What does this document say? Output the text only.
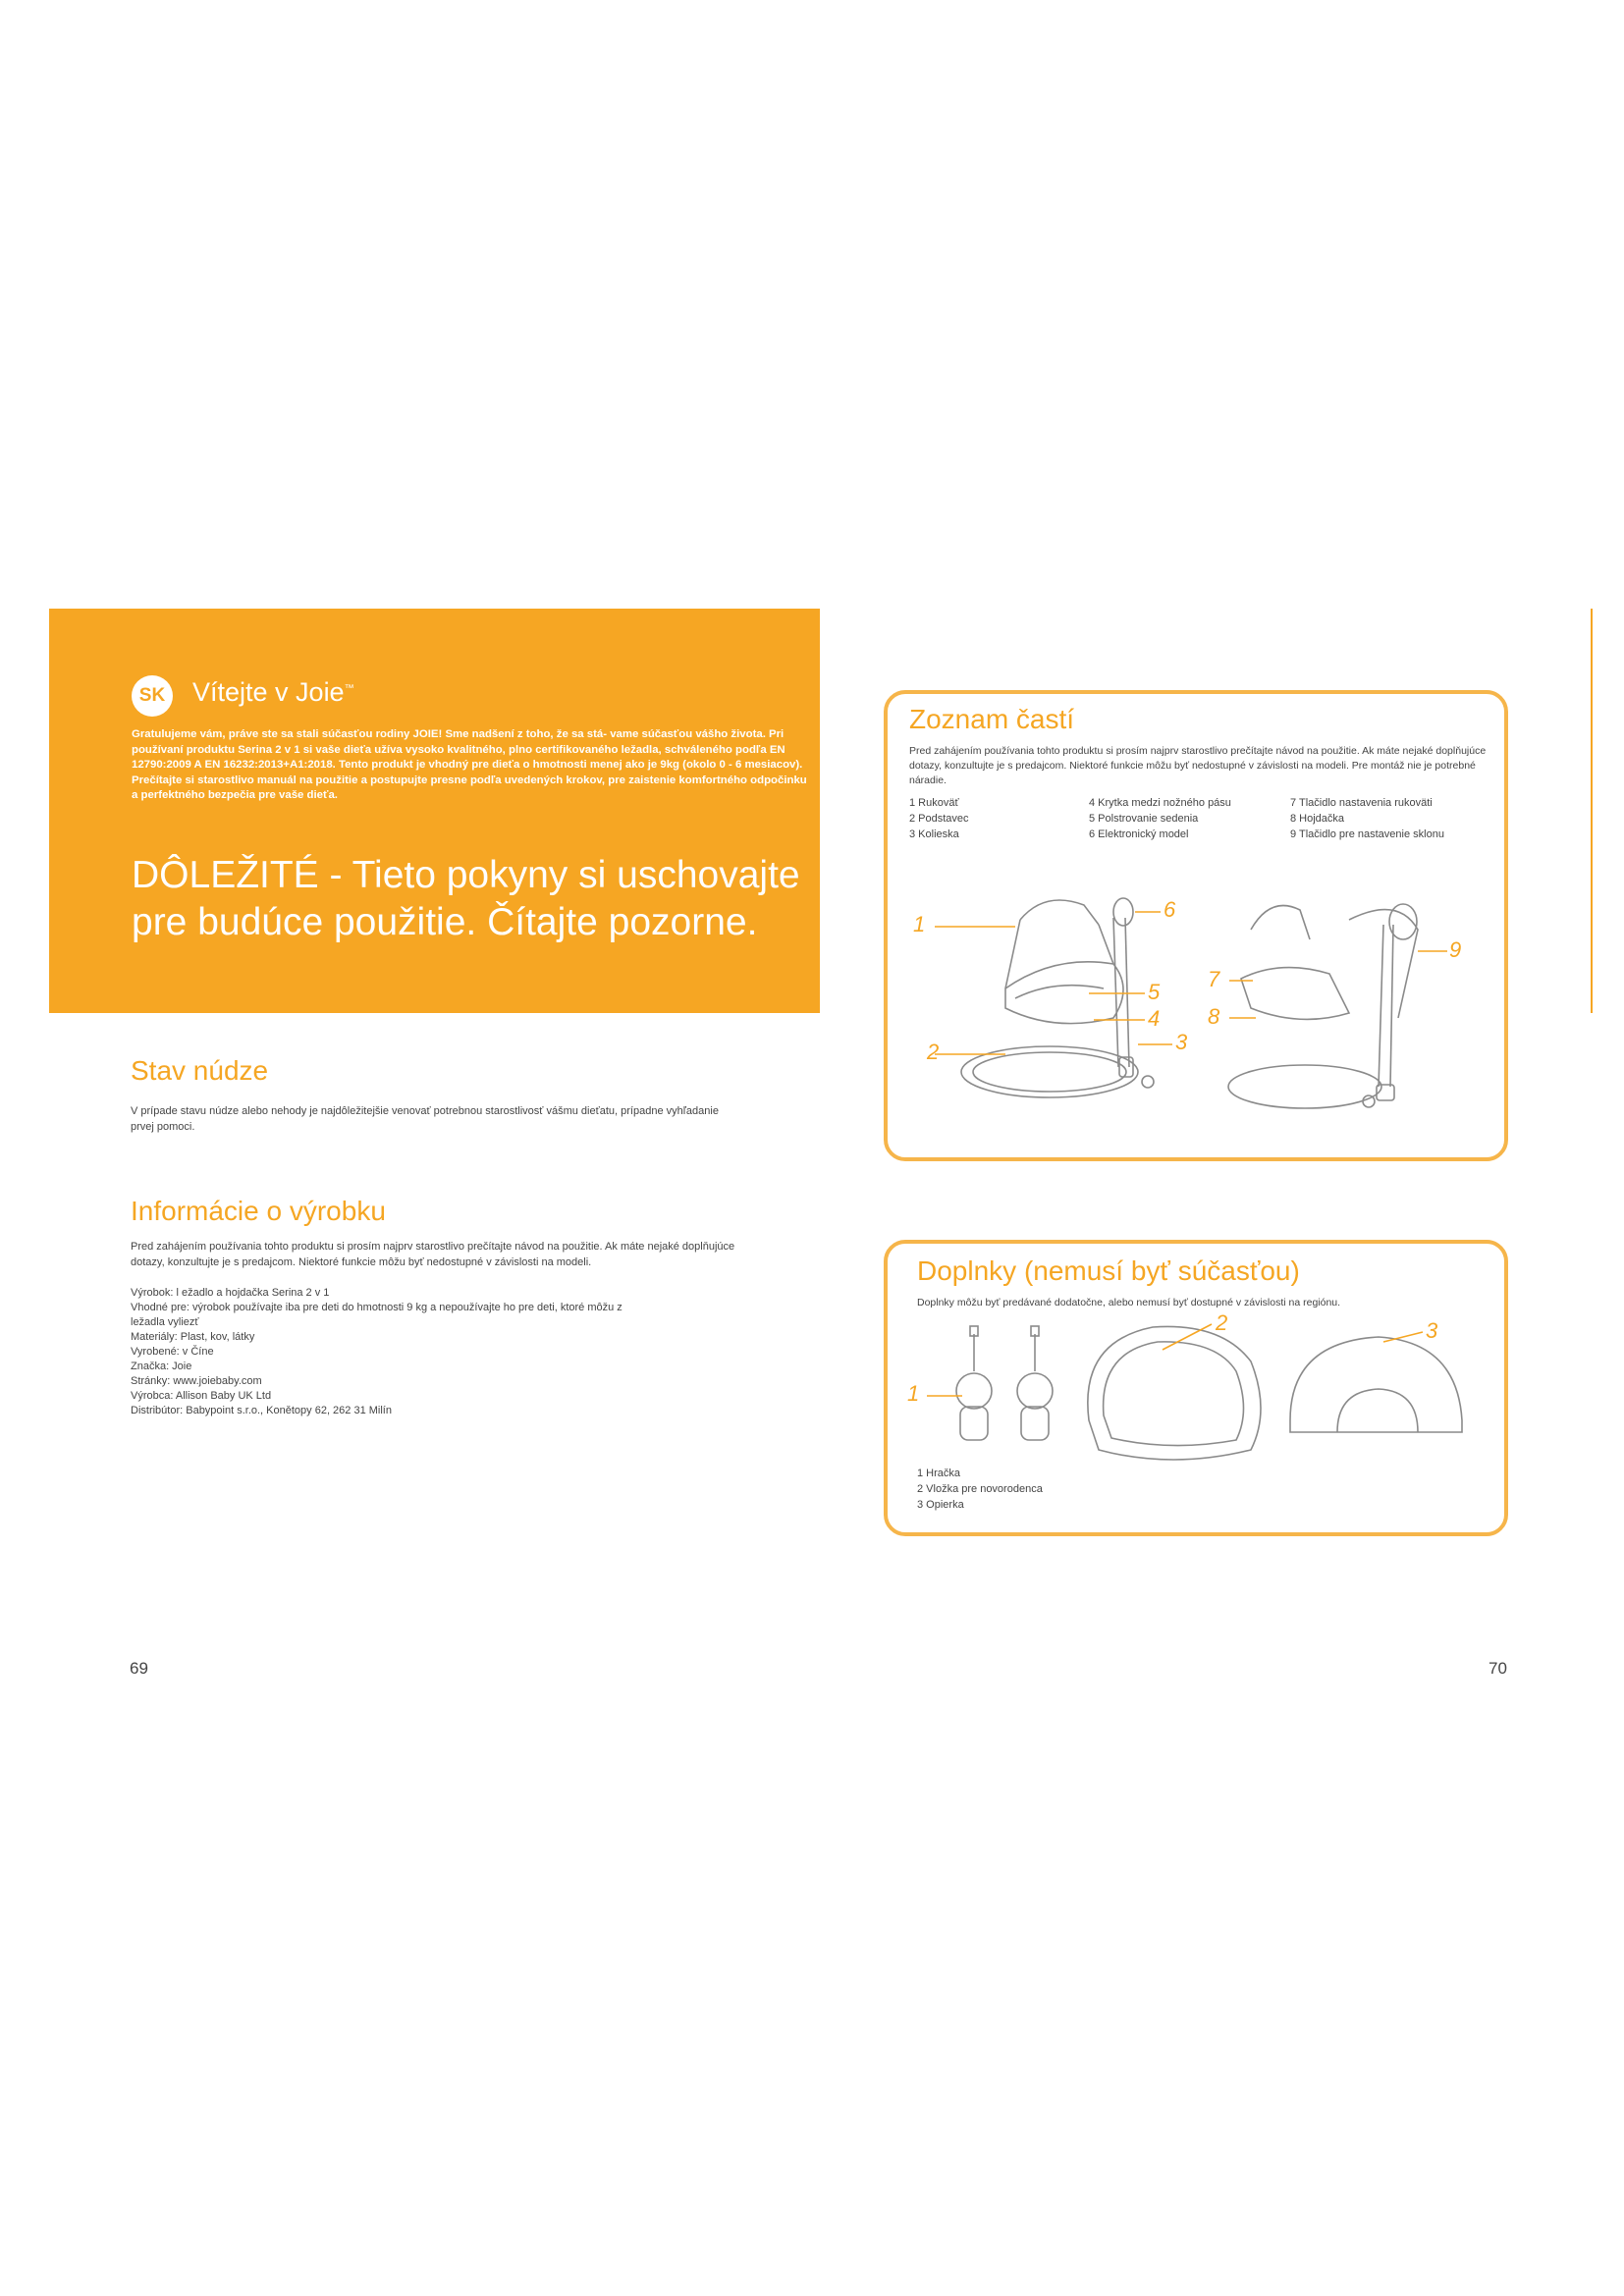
SK Vítejte v Joie™
Gratulujeme vám, práve ste sa stali súčasťou rodiny JOIE! Sme nadšení z toho, že sa stá- vame súčasťou vášho života. Pri používaní produktu Serina 2 v 1 si vaše dieťa užíva vysoko kvalitného, plno certifikovaného ležadla, schváleného podľa EN 12790:2009 A EN 16232:2013+A1:2018. Tento produkt je vhodný pre dieťa o hmotnosti menej ako je 9kg (okolo 0 - 6 mesiacov). Prečítajte si starostlivo manuál na použitie a postupujte presne podľa uvedených krokov, pre zaistenie komfortného odpočinku a perfektného bezpečia pre vaše dieťa.
DÔLEŽITÉ - Tieto pokyny si uschovajte pre budúce použitie. Čítajte pozorne.
Stav núdze
V prípade stavu núdze alebo nehody je najdôležitejšie venovať potrebnou starostlivosť vášmu dieťatu, prípadne vyhľadanie prvej pomoci.
Informácie o výrobku
Pred zahájením používania tohto produktu si prosím najprv starostlivo prečítajte návod na použitie. Ak máte nejaké doplňujúce dotazy, konzultujte je s predajcom. Niektoré funkcie môžu byť nedostupné v závislosti na modeli.
Výrobok: l ežadlo a hojdačka Serina 2 v 1
Vhodné pre: výrobok používajte iba pre deti do hmotnosti 9 kg a nepoužívajte ho pre deti, ktoré môžu z
ležadla vyliezť
Materiály: Plast, kov, látky
Vyrobené: v Číne
Značka: Joie
Stránky: www.joiebaby.com
Výrobca: Allison Baby UK Ltd
Distribútor: Babypoint s.r.o., Konětopy 62, 262 31 Milín
69
Zoznam častí
Pred zahájením používania tohto produktu si prosím najprv starostlivo prečítajte návod na použitie. Ak máte nejaké doplňujúce dotazy, konzultujte je s predajcom. Niektoré funkcie môžu byť nedostupné v závislosti na modeli. Pre montáž nie je potrebné náradie.
1 Rukoväť
2 Podstavec
3 Kolieska
4 Krytka medzi nožného pásu
5 Polstrovanie sedenia
6 Elektronický model
7 Tlačidlo nastavenia rukoväti
8 Hojdačka
9 Tlačidlo pre nastavenie sklonu
1
2	3
4
5
6
7
8
9
Doplnky (nemusí byť súčasťou)
Doplnky môžu byť predávané dodatočne, alebo nemusí byť dostupné v závislosti na regiónu.
1
2	3
1 Hračka
2 Vložka pre novorodenca
3 Opierka
70
